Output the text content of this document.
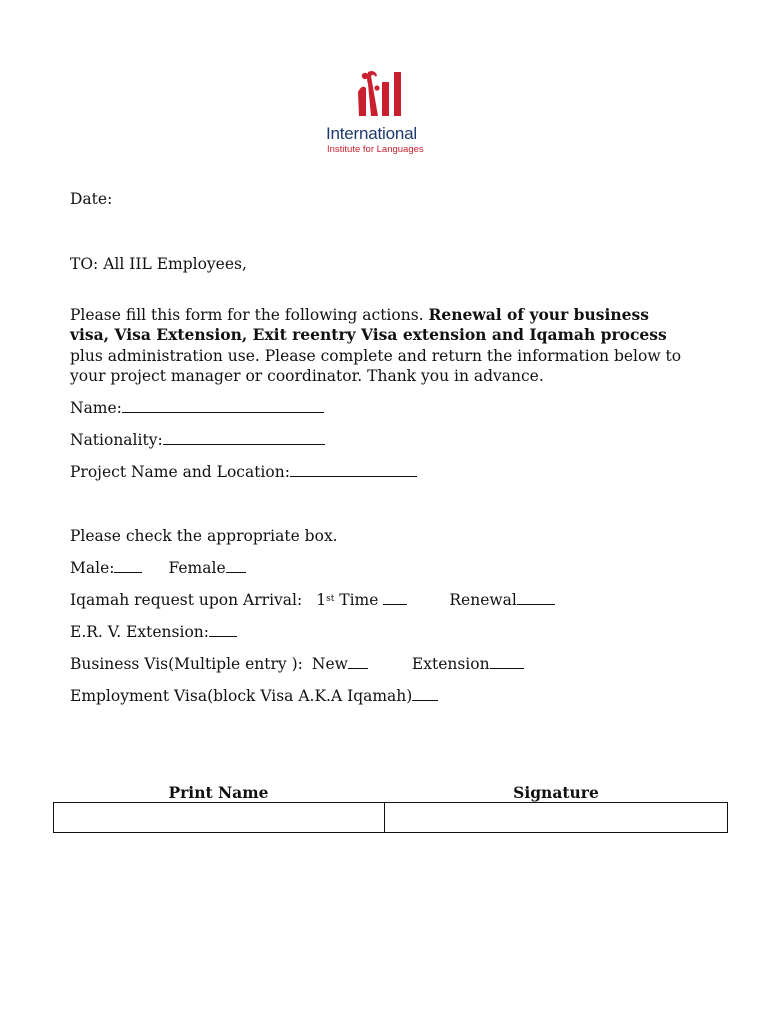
International
Institute for Languages
Date:
TO: All IIL Employees,
Please fill this form for the following actions. Renewal of your business visa, Visa Extension, Exit reentry Visa extension and Iqamah process plus administration use. Please complete and return the information below to your project manager or coordinator. Thank you in advance.
Name:
Nationality:
Project Name and Location:
Please check the appropriate box.
Male:	Female
Iqamah request upon Arrival: 1st Time	Renewal
E.R. V. Extension:
Business Vis(Multiple entry ): New	Extension
Employment Visa(block Visa A.K.A Iqamah)
Print Name	Signature
